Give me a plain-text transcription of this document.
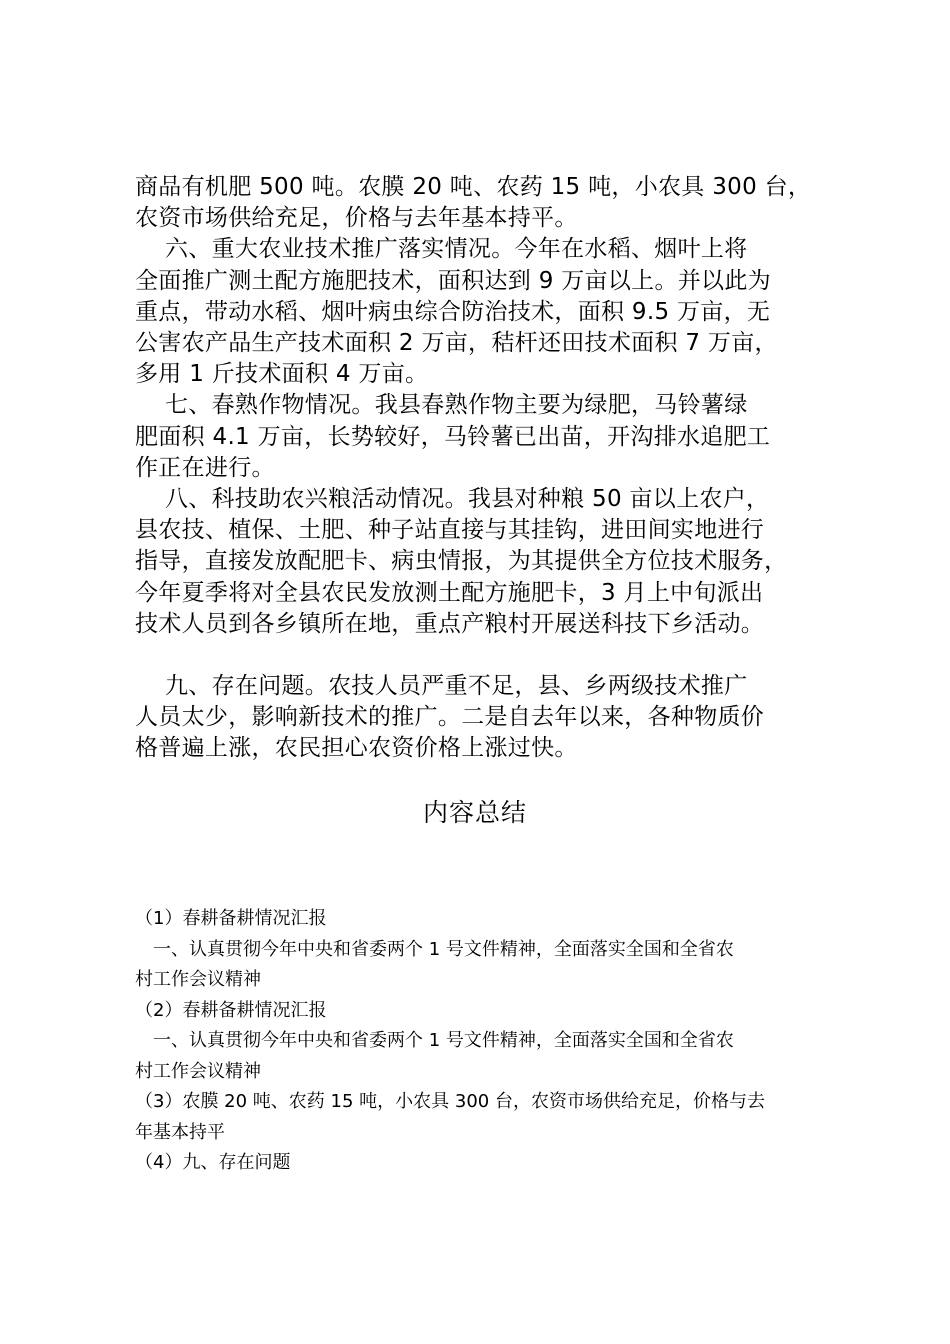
商品有机肥 500 吨。农膜 20 吨、农药 15 吨，小农具 300 台，
农资市场供给充足，价格与去年基本持平。

六、重大农业技术推广落实情况。今年在水稻、烟叶上将
全面推广测土配方施肥技术，面积达到 9 万亩以上。并以此为
重点，带动水稻、烟叶病虫综合防治技术，面积 9.5 万亩，无
公害农产品生产技术面积 2 万亩，秸杆还田技术面积 7 万亩，
多用 1 斤技术面积 4 万亩。

七、春熟作物情况。我县春熟作物主要为绿肥，马铃薯绿
肥面积 4.1 万亩，长势较好，马铃薯已出苗，开沟排水追肥工
作正在进行。

八、科技助农兴粮活动情况。我县对种粮 50 亩以上农户，
县农技、植保、土肥、种子站直接与其挂钩，进田间实地进行
指导，直接发放配肥卡、病虫情报，为其提供全方位技术服务，
今年夏季将对全县农民发放测土配方施肥卡，3 月上中旬派出
技术人员到各乡镇所在地，重点产粮村开展送科技下乡活动。

九、存在问题。农技人员严重不足，县、乡两级技术推广
人员太少，影响新技术的推广。二是自去年以来，各种物质价
格普遍上涨，农民担心农资价格上涨过快。

内容总结

（1）春耕备耕情况汇报

一、认真贯彻今年中央和省委两个 1 号文件精神，全面落实全国和全省农
村工作会议精神

（2）春耕备耕情况汇报

一、认真贯彻今年中央和省委两个 1 号文件精神，全面落实全国和全省农
村工作会议精神

（3）农膜 20 吨、农药 15 吨，小农具 300 台，农资市场供给充足，价格与去
年基本持平

（4）九、存在问题
